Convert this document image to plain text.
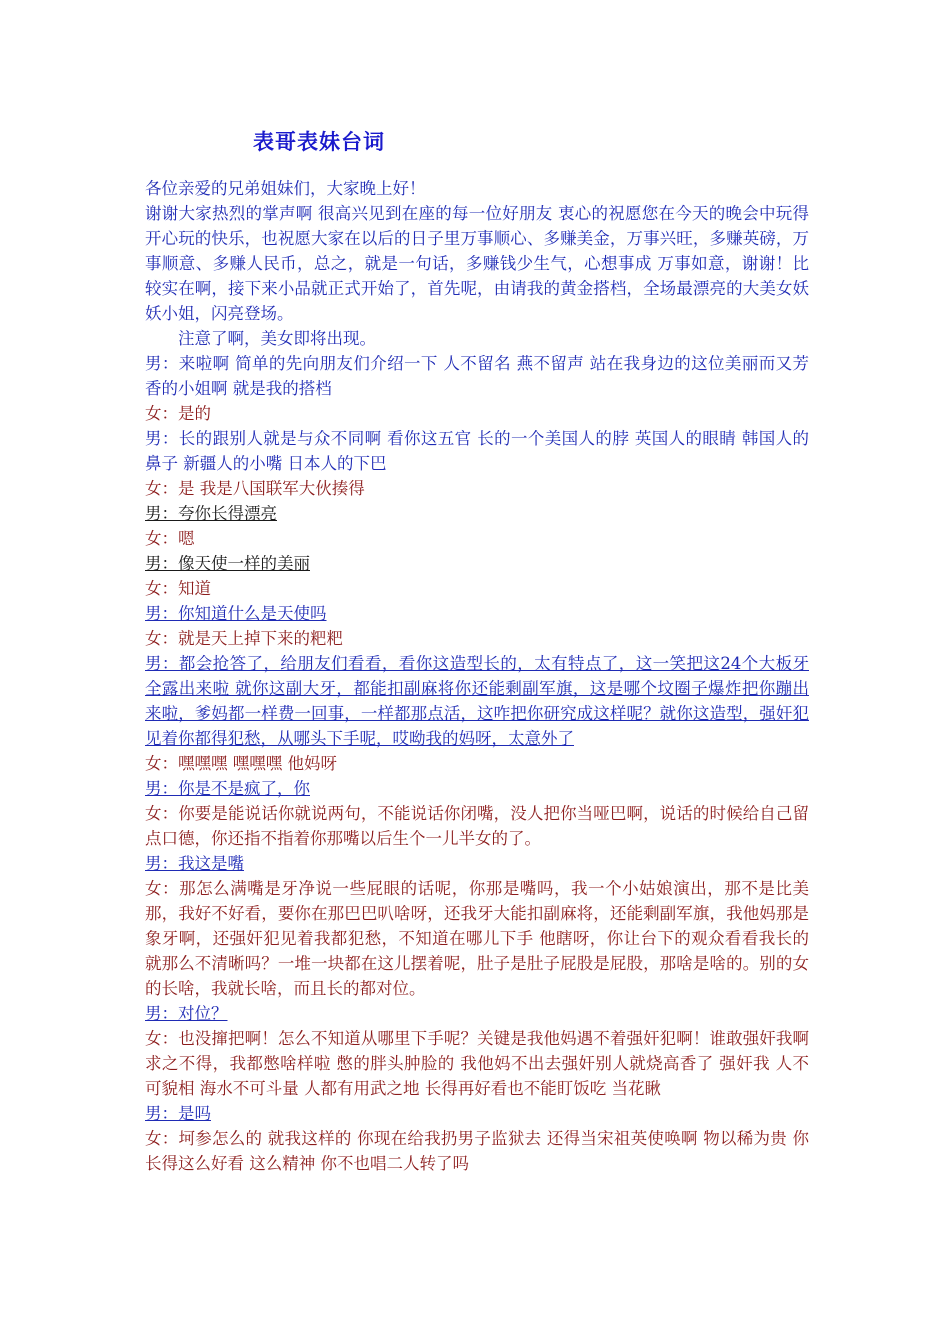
表哥表妹台词

各位亲爱的兄弟姐妹们，大家晚上好！

谢谢大家热烈的掌声啊 很高兴见到在座的每一位好朋友 衷心的祝愿您在今天的晚会中玩得开心玩的快乐，也祝愿大家在以后的日子里万事顺心、多赚美金，万事兴旺，多赚英磅，万事顺意、多赚人民币，总之，就是一句话，多赚钱少生气，心想事成 万事如意，谢谢！比较实在啊，接下来小品就正式开始了，首先呢，由请我的黄金搭档，全场最漂亮的大美女妖妖小姐，闪亮登场。

注意了啊，美女即将出现。

男：来啦啊 简单的先向朋友们介绍一下 人不留名 燕不留声 站在我身边的这位美丽而又芳香的小姐啊 就是我的搭档

女：是的

男：长的跟别人就是与众不同啊 看你这五官 长的一个美国人的脖 英国人的眼睛 韩国人的鼻子 新疆人的小嘴 日本人的下巴

女：是 我是八国联军大伙揍得

男：夸你长得漂亮

女：嗯

男：像天使一样的美丽

女：知道

男：你知道什么是天使吗

女：就是天上掉下来的粑粑

男：都会抢答了，给朋友们看看，看你这造型长的，太有特点了，这一笑把这24个大板牙全露出来啦 就你这副大牙，都能扣副麻将你还能剩副军旗，这是哪个坟圈子爆炸把你蹦出来啦，爹妈都一样费一回事，一样都那点活，这咋把你研究成这样呢？就你这造型，强奸犯见着你都得犯愁，从哪头下手呢，哎呦我的妈呀，太意外了

女：嘿嘿嘿 嘿嘿嘿 他妈呀

男：你是不是疯了，你

女：你要是能说话你就说两句，不能说话你闭嘴，没人把你当哑巴啊，说话的时候给自己留点口德，你还指不指着你那嘴以后生个一儿半女的了。

男：我这是嘴

女：那怎么满嘴是牙净说一些屁眼的话呢，你那是嘴吗，我一个小姑娘演出，那不是比美那，我好不好看，要你在那巴巴叭啥呀，还我牙大能扣副麻将，还能剩副军旗，我他妈那是象牙啊，还强奸犯见着我都犯愁，不知道在哪儿下手 他瞎呀，你让台下的观众看看我长的就那么不清晰吗？一堆一块都在这儿摆着呢，肚子是肚子屁股是屁股，那啥是啥的。别的女的长啥，我就长啥，而且长的都对位。

男：对位？

女：也没撺把啊！怎么不知道从哪里下手呢？关键是我他妈遇不着强奸犯啊！谁敢强奸我啊求之不得，我都憋啥样啦 憋的胖头肿脸的 我他妈不出去强奸别人就烧高香了 强奸我 人不可貌相 海水不可斗量 人都有用武之地 长得再好看也不能盯饭吃 当花瞅

男：是吗

女：坷参怎么的 就我这样的 你现在给我扔男子监狱去 还得当宋祖英使唤啊 物以稀为贵 你长得这么好看 这么精神 你不也唱二人转了吗
